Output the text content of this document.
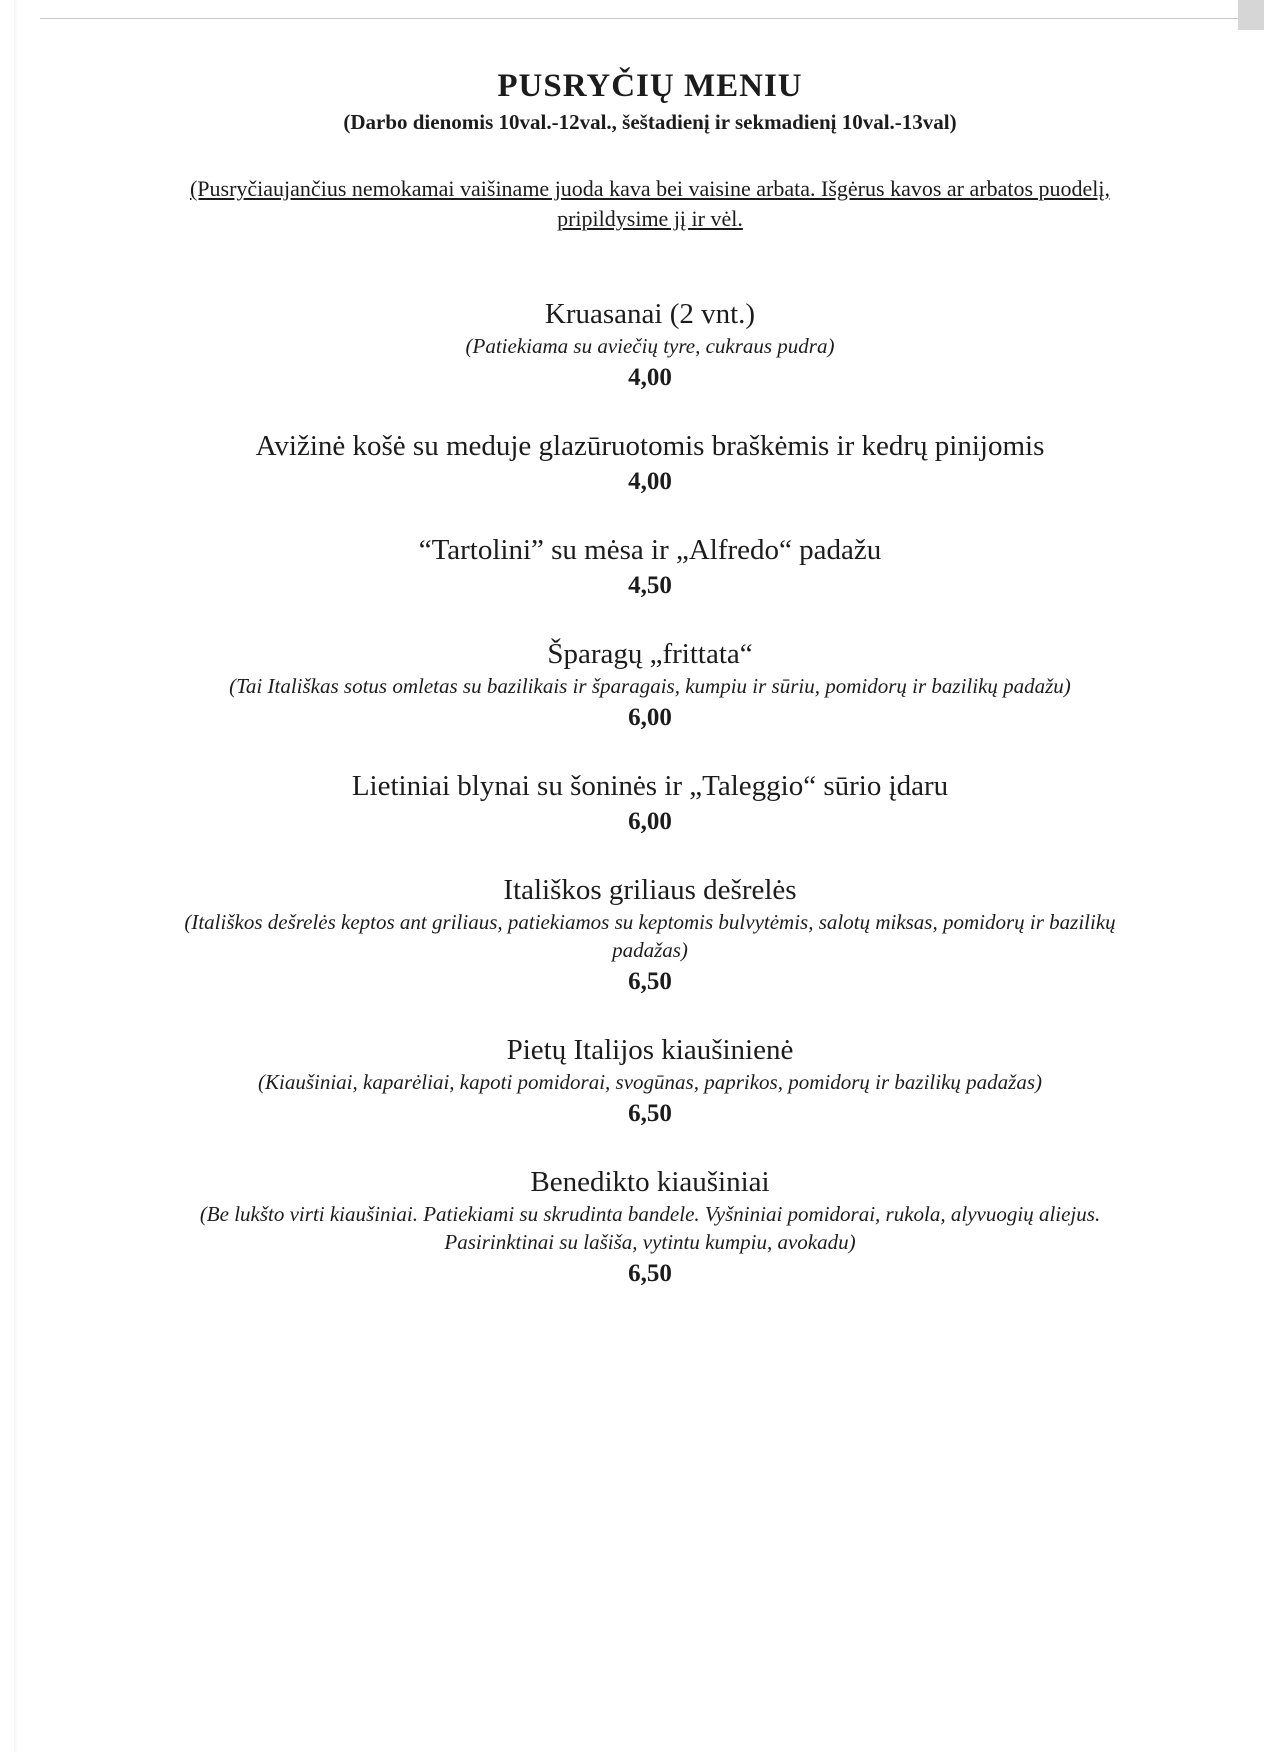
PUSRYČIŲ MENIU
(Darbo dienomis 10val.-12val., šeštadienį ir sekmadienį 10val.-13val)
(Pusryčiaujančius nemokamai vaišiname juoda kava bei vaisine arbata. Išgėrus kavos ar arbatos puodelį, pripildysime jį ir vėl.
Kruasanai (2 vnt.)
(Patiekiama su aviečių tyre, cukraus pudra)
4,00
Avižinė košė su meduje glazūruotomis braškėmis ir kedrų pinijomis
4,00
“Tartolini” su mėsa ir „Alfredo“ padažu
4,50
Šparagų „frittata“
(Tai Itališkas sotus omletas su bazilikais ir šparagais, kumpiu ir sūriu, pomidorų ir bazilikų padažu)
6,00
Lietiniai blynai su šoninės ir „Taleggio“ sūrio įdaru
6,00
Itališkos griliaus dešrelės
(Itališkos dešrelės keptos ant griliaus, patiekiamos su keptomis bulvytėmis, salotų miksas, pomidorų ir bazilikų padažas)
6,50
Pietų Italijos kiaušinienė
(Kiaušiniai, kaparėliai, kapoti pomidorai, svogūnas, paprikos, pomidorų ir bazilikų padažas)
6,50
Benedikto kiaušiniai
(Be lukšto virti kiaušiniai. Patiekiami su skrudinta bandele. Vyšniniai pomidorai, rukola, alyvuogių aliejus. Pasirinktinai su lašiša, vytintu kumpiu, avokadu)
6,50
